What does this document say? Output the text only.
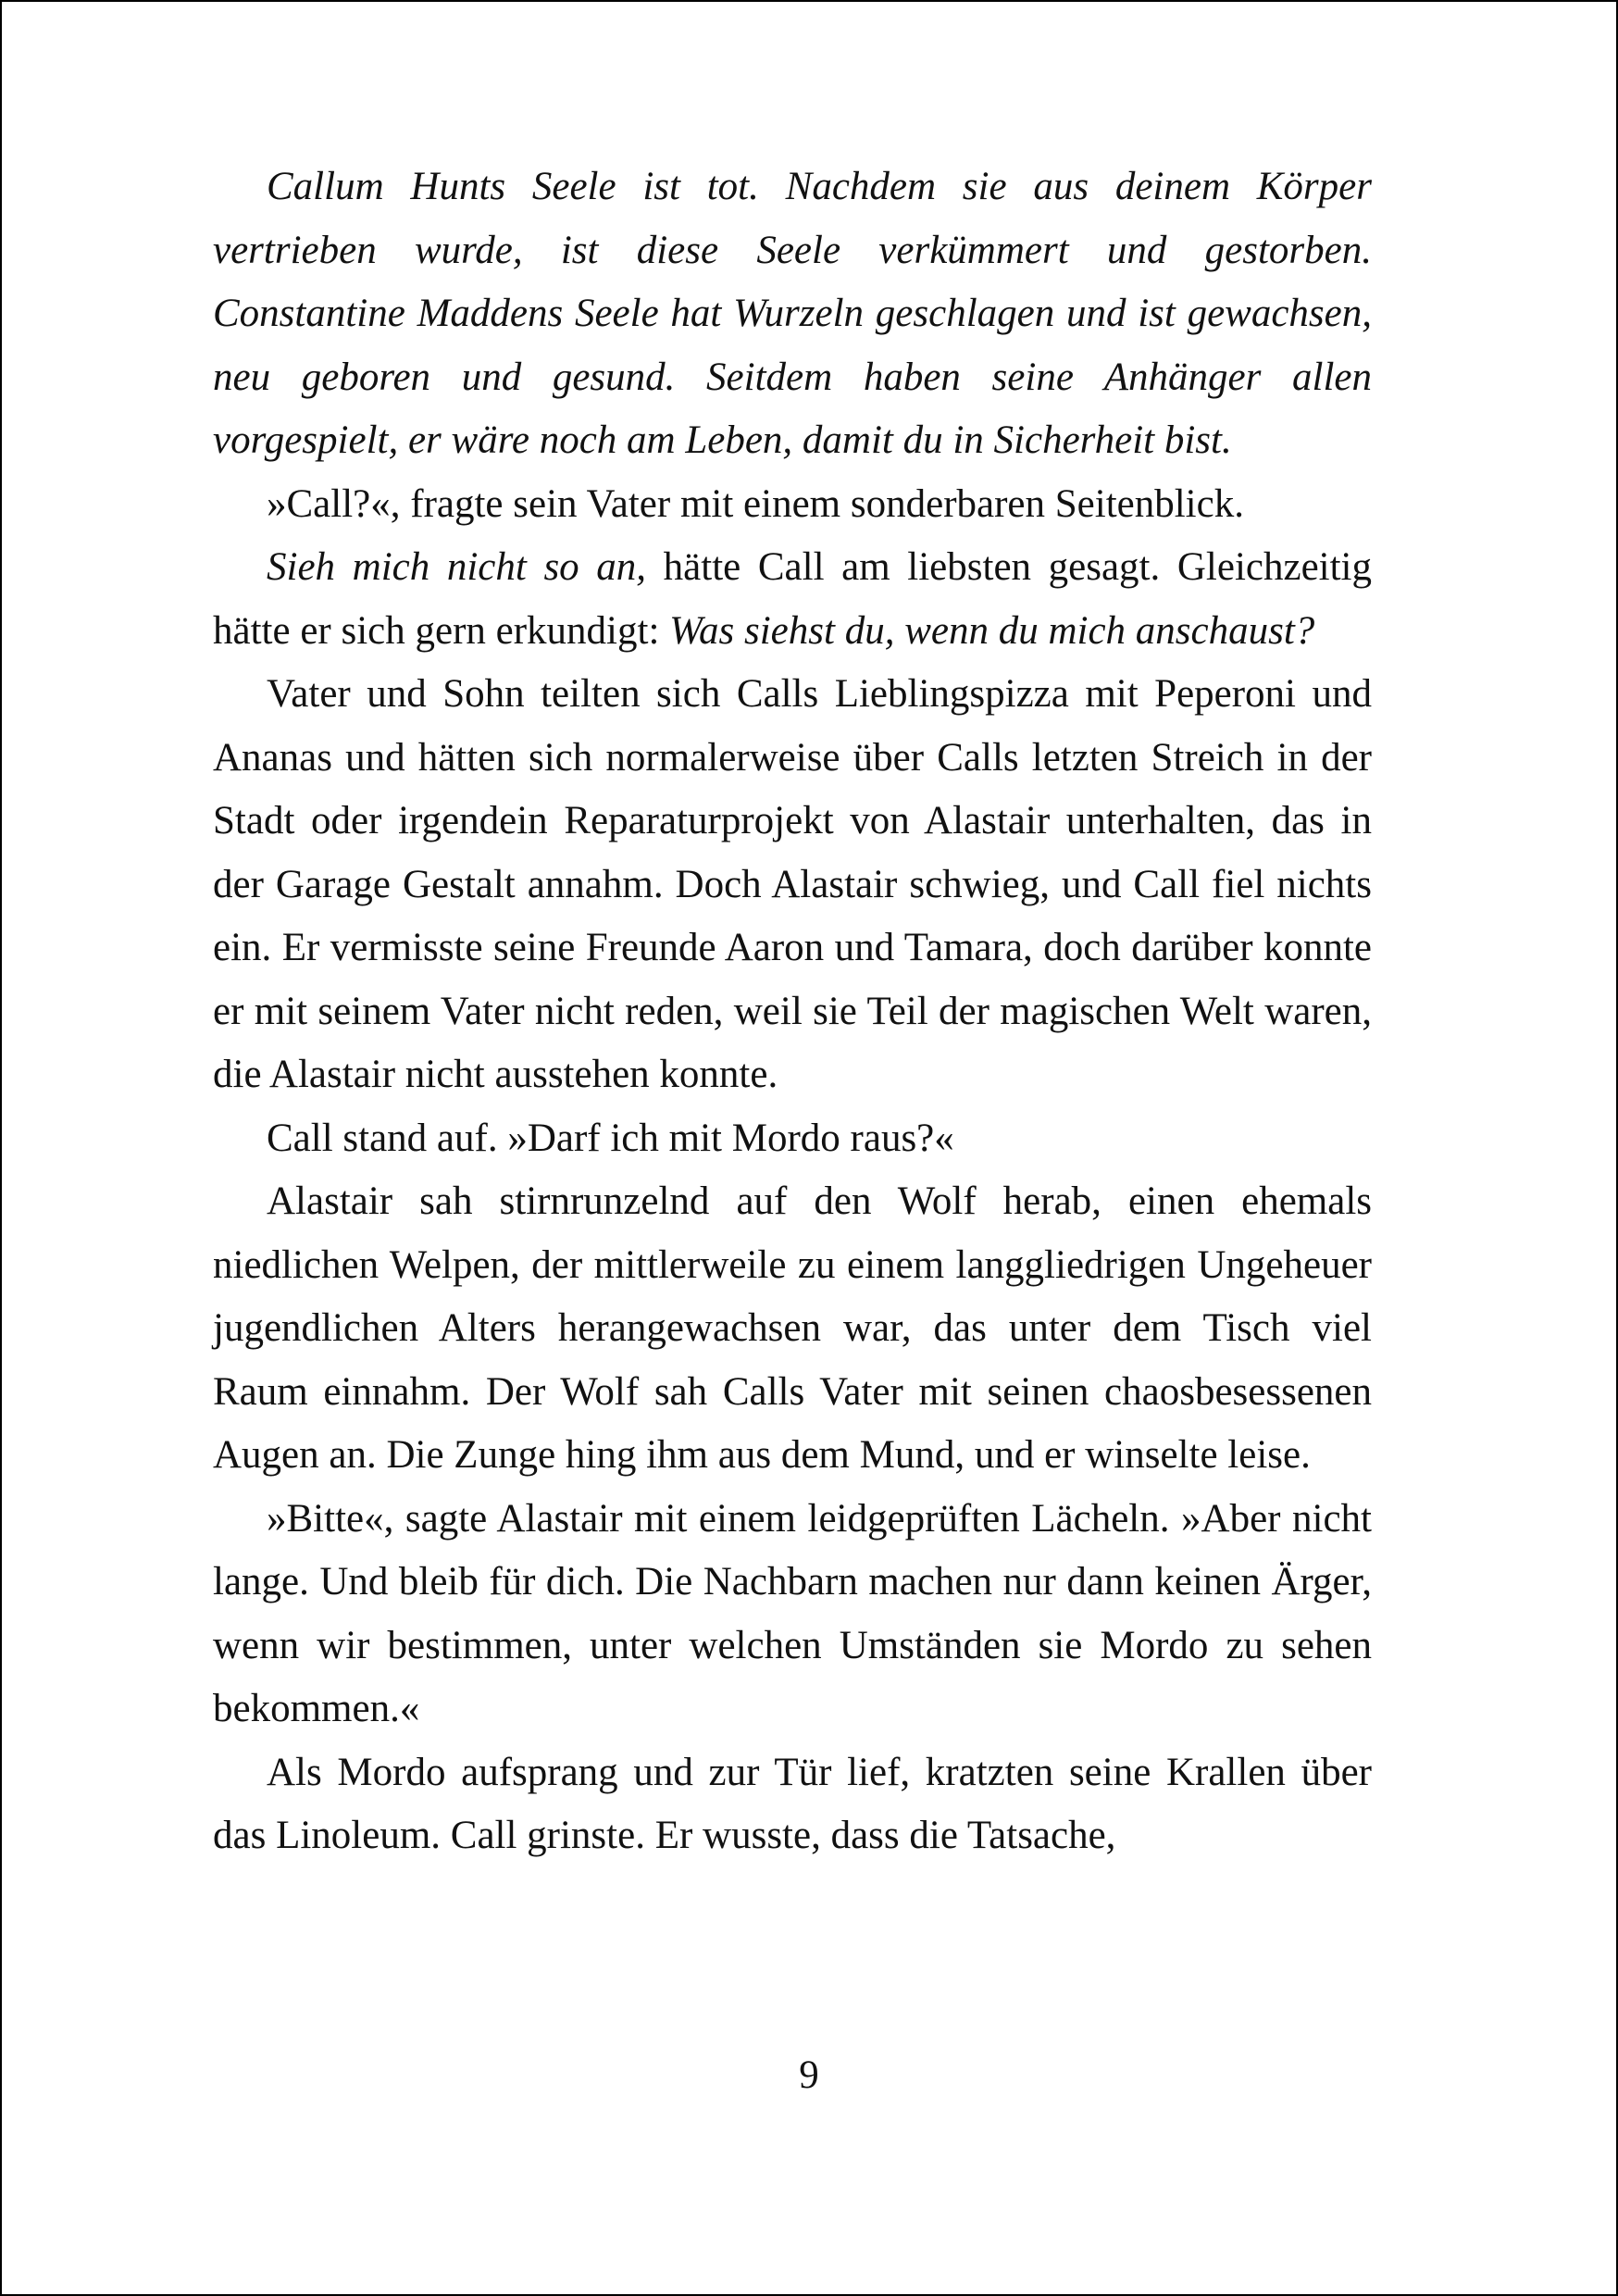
Callum Hunts Seele ist tot. Nachdem sie aus deinem Körper vertrieben wurde, ist diese Seele verkümmert und gestorben. Constantine Maddens Seele hat Wurzeln geschlagen und ist gewachsen, neu geboren und gesund. Seitdem haben seine Anhänger allen vorgespielt, er wäre noch am Leben, damit du in Sicherheit bist.

»Call?«, fragte sein Vater mit einem sonderbaren Seitenblick.

Sieh mich nicht so an, hätte Call am liebsten gesagt. Gleichzeitig hätte er sich gern erkundigt: Was siehst du, wenn du mich anschaust?

Vater und Sohn teilten sich Calls Lieblingspizza mit Peperoni und Ananas und hätten sich normalerweise über Calls letzten Streich in der Stadt oder irgendein Reparaturprojekt von Alastair unterhalten, das in der Garage Gestalt annahm. Doch Alastair schwieg, und Call fiel nichts ein. Er vermisste seine Freunde Aaron und Tamara, doch darüber konnte er mit seinem Vater nicht reden, weil sie Teil der magischen Welt waren, die Alastair nicht ausstehen konnte.

Call stand auf. »Darf ich mit Mordo raus?«

Alastair sah stirnrunzelnd auf den Wolf herab, einen ehemals niedlichen Welpen, der mittlerweile zu einem langgliedrigen Ungeheuer jugendlichen Alters herangewachsen war, das unter dem Tisch viel Raum einnahm. Der Wolf sah Calls Vater mit seinen chaosbesessenen Augen an. Die Zunge hing ihm aus dem Mund, und er winselte leise.

»Bitte«, sagte Alastair mit einem leidgeprüften Lächeln. »Aber nicht lange. Und bleib für dich. Die Nachbarn machen nur dann keinen Ärger, wenn wir bestimmen, unter welchen Umständen sie Mordo zu sehen bekommen.«

Als Mordo aufsprang und zur Tür lief, kratzten seine Krallen über das Linoleum. Call grinste. Er wusste, dass die Tatsache,

9
